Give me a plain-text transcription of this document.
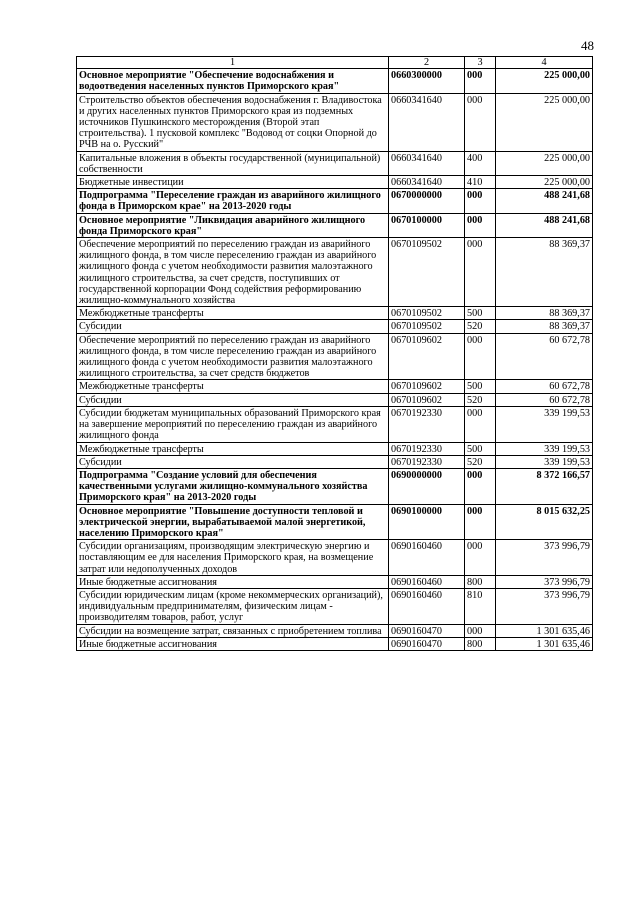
48
1	2	3	4
Основное мероприятие "Обеспечение водоснабжения и водоотведения населенных пунктов Приморского края"	0660300000	000	225 000,00
Строительство объектов обеспечения водоснабжения г. Владивостока и других населенных пунктов Приморского края из подземных источников Пушкинского месторождения (Второй этап строительства). 1 пусковой комплекс "Водовод от соцки Опорной до РЧВ на о. Русский"	0660341640	000	225 000,00
Капитальные вложения в объекты государственной (муниципальной) собственности	0660341640	400	225 000,00
Бюджетные инвестиции	0660341640	410	225 000,00
Подпрограмма "Переселение граждан из аварийного жилищного фонда в Приморском крае" на 2013-2020 годы	0670000000	000	488 241,68
Основное мероприятие "Ликвидация аварийного жилищного фонда Приморского края"	0670100000	000	488 241,68
Обеспечение мероприятий по переселению граждан из аварийного жилищного фонда, в том числе переселению граждан из аварийного жилищного фонда с учетом необходимости развития малоэтажного жилищного строительства, за счет средств, поступивших от государственной корпорации Фонд содействия реформированию жилищно-коммунального хозяйства	0670109502	000	88 369,37
Межбюджетные трансферты	0670109502	500	88 369,37
Субсидии	0670109502	520	88 369,37
Обеспечение мероприятий по переселению граждан из аварийного жилищного фонда, в том числе переселению граждан из аварийного жилищного фонда с учетом необходимости развития малоэтажного жилищного строительства, за счет средств бюджетов	0670109602	000	60 672,78
Межбюджетные трансферты	0670109602	500	60 672,78
Субсидии	0670109602	520	60 672,78
Субсидии бюджетам муниципальных образований Приморского края на завершение мероприятий по переселению граждан из аварийного жилищного фонда	0670192330	000	339 199,53
Межбюджетные трансферты	0670192330	500	339 199,53
Субсидии	0670192330	520	339 199,53
Подпрограмма "Создание условий для обеспечения качественными услугами жилищно-коммунального хозяйства Приморского края" на 2013-2020 годы	0690000000	000	8 372 166,57
Основное мероприятие "Повышение доступности тепловой и электрической энергии, вырабатываемой малой энергетикой, населению Приморского края"	0690100000	000	8 015 632,25
Субсидии организациям, производящим электрическую энергию и поставляющим ее для населения Приморского края, на возмещение затрат или недополученных доходов	0690160460	000	373 996,79
Иные бюджетные ассигнования	0690160460	800	373 996,79
Субсидии юридическим лицам (кроме некоммерческих организаций), индивидуальным предпринимателям, физическим лицам - производителям товаров, работ, услуг	0690160460	810	373 996,79
Субсидии на возмещение затрат, связанных с приобретением топлива	0690160470	000	1 301 635,46
Иные бюджетные ассигнования	0690160470	800	1 301 635,46
